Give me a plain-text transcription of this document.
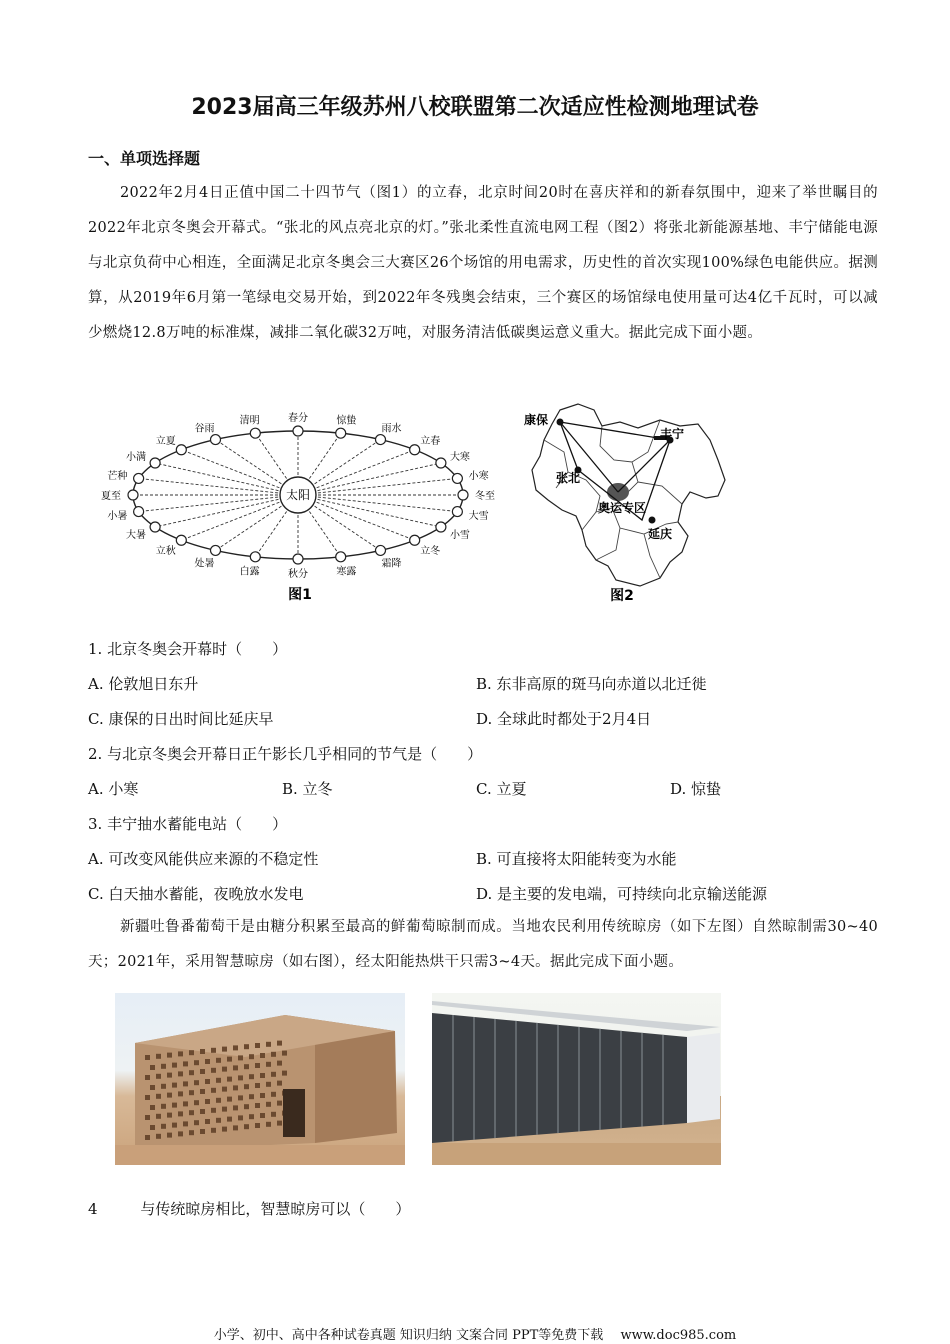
2023届高三年级苏州八校联盟第二次适应性检测地理试卷
一、单项选择题
2022年2月4日正值中国二十四节气（图1）的立春，北京时间20时在喜庆祥和的新春氛围中，迎来了举世瞩目的2022年北京冬奥会开幕式。“张北的风点亮北京的灯。”张北柔性直流电网工程（图2）将张北新能源基地、丰宁储能电源与北京负荷中心相连，全面满足北京冬奥会三大赛区26个场馆的用电需求，历史性的首次实现100%绿色电能供应。据测算，从2019年6月第一笔绿电交易开始，到2022年冬残奥会结束，三个赛区的场馆绿电使用量可达4亿千瓦时，可以减少燃烧12.8万吨的标准煤，减排二氧化碳32万吨，对服务清洁低碳奥运意义重大。据此完成下面小题。
太阳
春分	惊蛰
雨水
立春
大寒
小寒
冬至
大雪
小雪
立冬
霜降
寒露
秋分
白露
处暑
立秋
大暑
小暑
夏至
芒种
小满
立夏
谷雨
清明
图1
康保
丰宁
张北
奥运专区
延庆
图2
1. 北京冬奥会开幕时（　　）
A. 伦敦旭日东升	B. 东非高原的斑马向赤道以北迁徙
C. 康保的日出时间比延庆早	D. 全球此时都处于2月4日
2. 与北京冬奥会开幕日正午影长几乎相同的节气是（　　）
A. 小寒	B. 立冬	C. 立夏	D. 惊蛰
3. 丰宁抽水蓄能电站（　　）
A. 可改变风能供应来源的不稳定性	B. 可直接将太阳能转变为水能
C. 白天抽水蓄能，夜晚放水发电	D. 是主要的发电端，可持续向北京输送能源
新疆吐鲁番葡萄干是由糖分积累至最高的鲜葡萄晾制而成。当地农民利用传统晾房（如下左图）自然晾制需30~40天；2021年，采用智慧晾房（如右图），经太阳能热烘干只需3~4天。据此完成下面小题。
4	与传统晾房相比，智慧晾房可以（　　）
小学、初中、高中各种试卷真题 知识归纳 文案合同 PPT等免费下载　 www.doc985.com
